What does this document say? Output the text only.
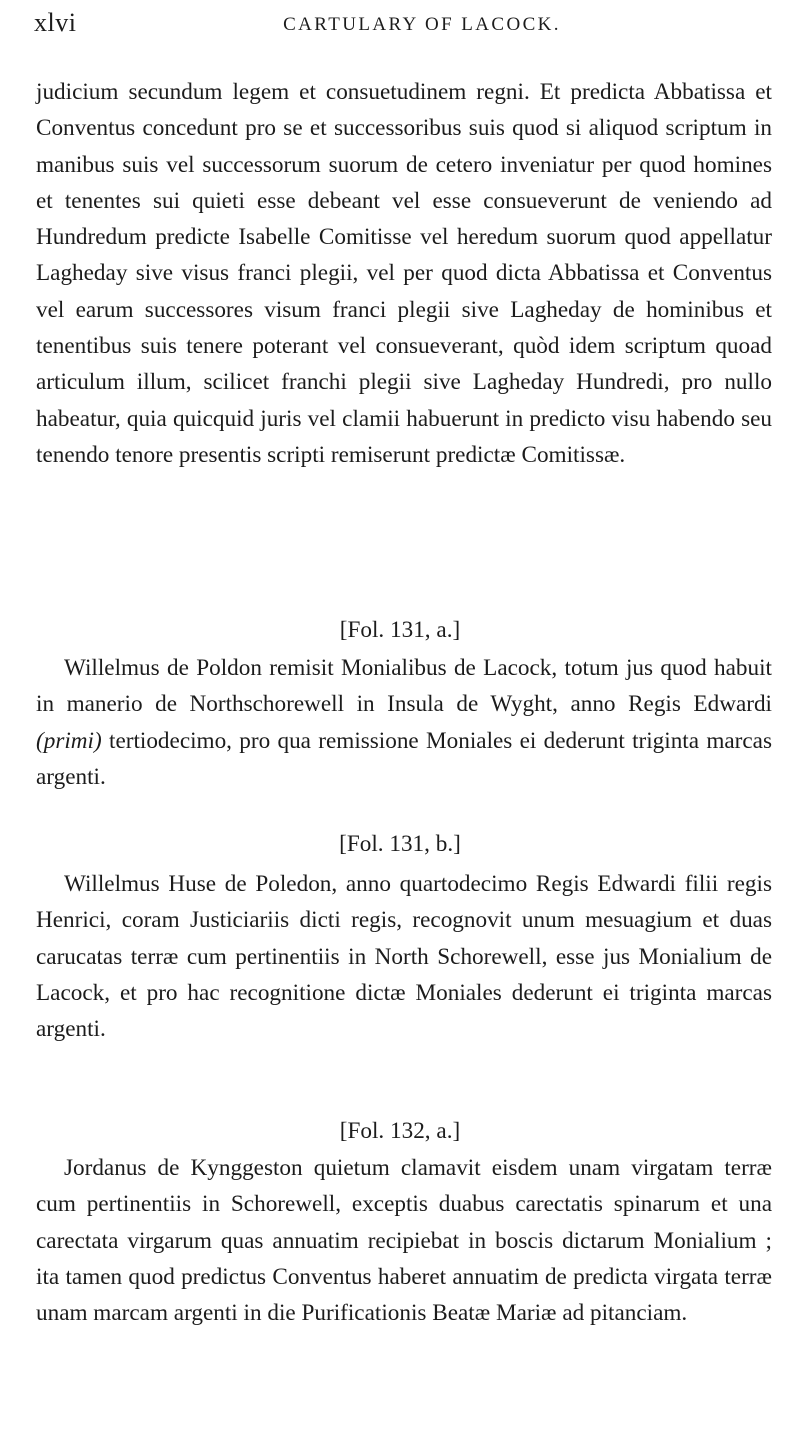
xlvi	CARTULARY OF LACOCK.

judicium secundum legem et consuetudinem regni. Et predicta Abbatissa et Conventus concedunt pro se et successoribus suis quod si aliquod scriptum in manibus suis vel successorum suorum de cetero inveniatur per quod homines et tenentes sui quieti esse debeant vel esse consueverunt de veniendo ad Hundredum predicte Isabelle Comitisse vel heredum suorum quod appellatur Lagheday sive visus franci plegii, vel per quod dicta Abbatissa et Conventus vel earum successores visum franci plegii sive Lagheday de hominibus et tenentibus suis tenere poterant vel consueverant, quòd idem scriptum quoad articulum illum, scilicet franchi plegii sive Lagheday Hundredi, pro nullo habeatur, quia quicquid juris vel clamii habuerunt in predicto visu habendo seu tenendo tenore presentis scripti remiserunt predictæ Comitissæ.

[Fol. 131, a.]

Willelmus de Poldon remisit Monialibus de Lacock, totum jus quod habuit in manerio de Northschorewell in Insula de Wyght, anno Regis Edwardi (primi) tertiodecimo, pro qua remissione Moniales ei dederunt triginta marcas argenti.

[Fol. 131, b.]

Willelmus Huse de Poledon, anno quartodecimo Regis Edwardi filii regis Henrici, coram Justiciariis dicti regis, recognovit unum mesuagium et duas carucatas terræ cum pertinentiis in North Schorewell, esse jus Monialium de Lacock, et pro hac recognitione dictæ Moniales dederunt ei triginta marcas argenti.

[Fol. 132, a.]

Jordanus de Kynggeston quietum clamavit eisdem unam virgatam terræ cum pertinentiis in Schorewell, exceptis duabus carectatis spinarum et una carectata virgarum quas annuatim recipiebat in boscis dictarum Monialium ; ita tamen quod predictus Conventus haberet annuatim de predicta virgata terræ unam marcam argenti in die Purificationis Beatæ Mariæ ad pitanciam.
